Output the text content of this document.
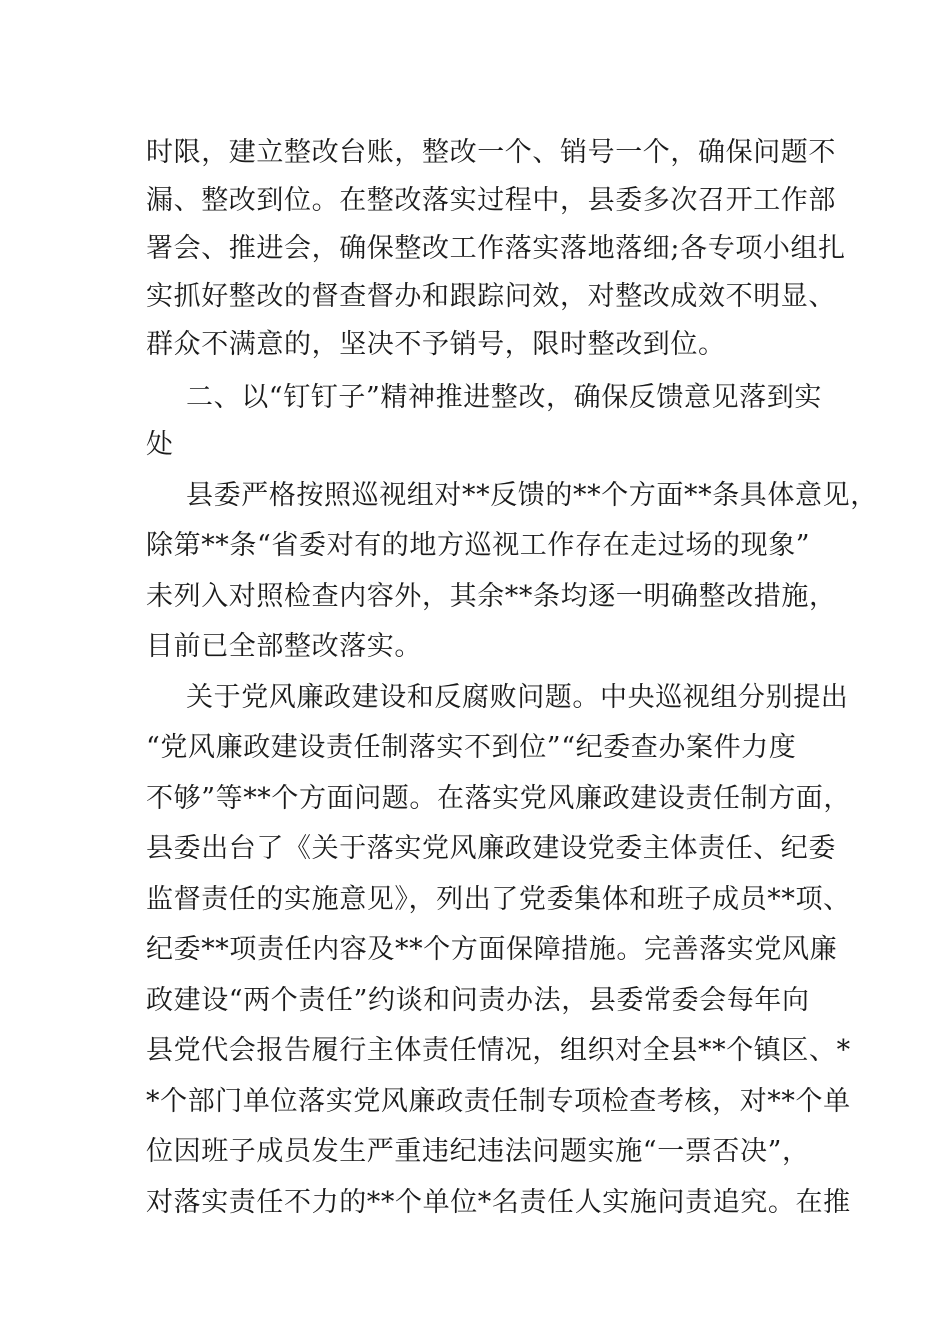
时限，建立整改台账，整改一个、销号一个，确保问题不
漏、整改到位。在整改落实过程中，县委多次召开工作部
署会、推进会，确保整改工作落实落地落细;各专项小组扎
实抓好整改的督查督办和跟踪问效，对整改成效不明显、
群众不满意的，坚决不予销号，限时整改到位。
二、以“钉钉子”精神推进整改，确保反馈意见落到实
处
县委严格按照巡视组对**反馈的**个方面**条具体意见，
除第**条“省委对有的地方巡视工作存在走过场的现象”
未列入对照检查内容外，其余**条均逐一明确整改措施，
目前已全部整改落实。
关于党风廉政建设和反腐败问题。中央巡视组分别提出
“党风廉政建设责任制落实不到位”“纪委查办案件力度
不够”等**个方面问题。在落实党风廉政建设责任制方面，
县委出台了《关于落实党风廉政建设党委主体责任、纪委
监督责任的实施意见》，列出了党委集体和班子成员**项、
纪委**项责任内容及**个方面保障措施。完善落实党风廉
政建设“两个责任”约谈和问责办法，县委常委会每年向
县党代会报告履行主体责任情况，组织对全县**个镇区、*
*个部门单位落实党风廉政责任制专项检查考核，对**个单
位因班子成员发生严重违纪违法问题实施“一票否决”，
对落实责任不力的**个单位*名责任人实施问责追究。在推
